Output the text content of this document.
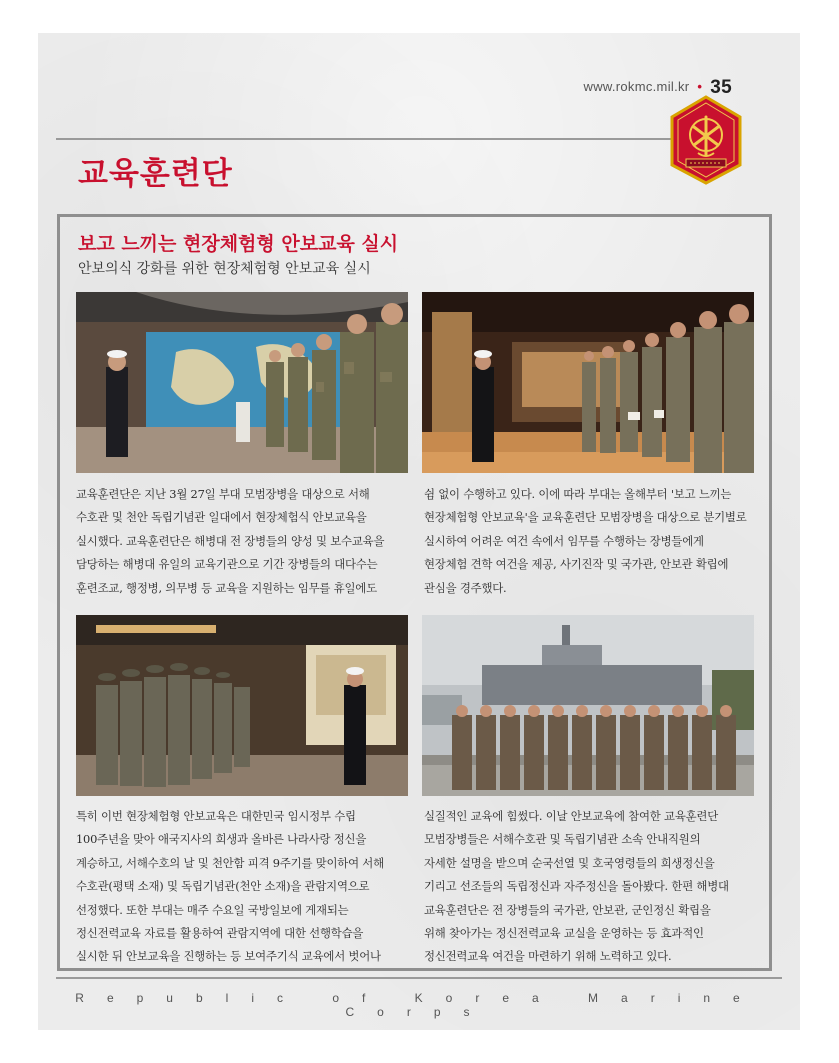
www.rokmc.mil.kr • 35
교육훈련단
보고 느끼는 현장체험형 안보교육 실시
안보의식 강화를 위한 현장체험형 안보교육 실시
교육훈련단은 지난 3월 27일 부대 모범장병을 대상으로 서해
수호관 및 천안 독립기념관 일대에서 현장체험식 안보교육을
실시했다. 교육훈련단은 해병대 전 장병들의 양성 및 보수교육을
담당하는 해병대 유일의 교육기관으로 기간 장병들의 대다수는
훈련조교, 행정병, 의무병 등 교육을 지원하는 임무를 휴일에도
쉼 없이 수행하고 있다. 이에 따라 부대는 올해부터 '보고 느끼는
현장체험형 안보교육'을 교육훈련단 모범장병을 대상으로 분기별로
실시하여 어려운 여건 속에서 임무를 수행하는 장병들에게
현장체험 견학 여건을 제공, 사기진작 및 국가관, 안보관 확립에
관심을 경주했다.
특히 이번 현장체험형 안보교육은 대한민국 임시정부 수립
100주년을 맞아 애국지사의 희생과 올바른 나라사랑 정신을
계승하고, 서해수호의 날 및 천안함 피격 9주기를 맞이하여 서해
수호관(평택 소재) 및 독립기념관(천안 소재)을 관람지역으로
선정했다. 또한 부대는 매주 수요일 국방일보에 게재되는
정신전력교육 자료를 활용하여 관람지역에 대한 선행학습을
실시한 뒤 안보교육을 진행하는 등 보여주기식 교육에서 벗어나
실질적인 교육에 힘썼다. 이날 안보교육에 참여한 교육훈련단
모범장병들은 서해수호관 및 독립기념관 소속 안내직원의
자세한 설명을 받으며 순국선열 및 호국영령들의 희생정신을
기리고 선조들의 독립정신과 자주정신을 돌아봤다. 한편 해병대
교육훈련단은 전 장병들의 국가관, 안보관, 군인정신 확립을
위해 찾아가는 정신전력교육 교실을 운영하는 등 효과적인
정신전력교육 여건을 마련하기 위해 노력하고 있다.
Republic of Korea Marine Corps
